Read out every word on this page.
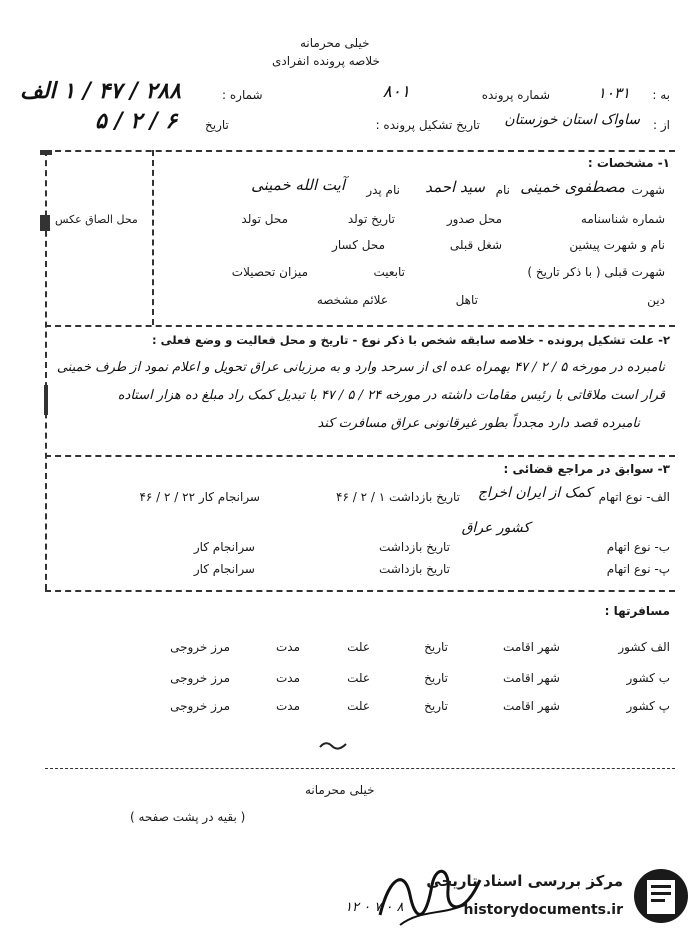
خیلی محرمانه
خلاصه پرونده انفرادی
به :
۱۰۳۱
شماره پرونده
۸۰۱
شماره :
۲۸۸ / ۴۷ / ۱ الف
از :
ساواک استان خوزستان
تاریخ تشکیل پرونده :
تاریخ
۶ / ۲ / ۵
محل الصاق عکس
۱- مشخصات :
شهرت
مصطفوی خمینی
نام
سید احمد
نام پدر
آیت الله خمینی
شماره شناسنامه
محل صدور
تاریخ تولد
محل تولد
نام و شهرت پیشین
شغل قبلی
محل کسار
شهرت قبلی ( با ذکر تاریخ )
تابعیت
میزان تحصیلات
دین
تاهل
علائم مشخصه
۲- علت تشکیل پرونده - خلاصه سابقه شخص با ذکر نوع - تاریخ و محل فعالیت و وضع فعلی :
نامبرده در مورخه ۵ / ۲ / ۴۷ بهمراه عده ای از سرحد وارد و به مرزبانی عراق تحویل و اعلام نمود از طرف خمینی
قرار است ملاقاتی با رئیس مقامات داشته در مورخه ۲۴ / ۵ / ۴۷ با تبدیل کمک راد مبلغ ده هزار استاده
نامبرده قصد دارد مجدداً بطور غیرقانونی عراق مسافرت کند
۳- سوابق در مراجع قضائی :
الف- نوع اتهام
کمک از ایران اخراج
تاریخ بازداشت ۱ / ۲ / ۴۶
سرانجام کار ۲۲ / ۲ / ۴۶
کشور عراق
ب- نوع اتهام
تاریخ بازداشت
سرانجام کار
پ- نوع اتهام
تاریخ بازداشت
سرانجام کار
مسافرتها :
الف کشور
شهر اقامت
تاریخ
علت
مدت
مرز خروجی
ب کشور
شهر اقامت
تاریخ
علت
مدت
مرز خروجی
پ کشور
شهر اقامت
تاریخ
علت
مدت
مرز خروجی
خیلی محرمانه
( بقیه در پشت صفحه )
۱۲ ۰ ۷ ۰ ۸
مرکز بررسی اسناد تاریخی
historydocuments.ir
